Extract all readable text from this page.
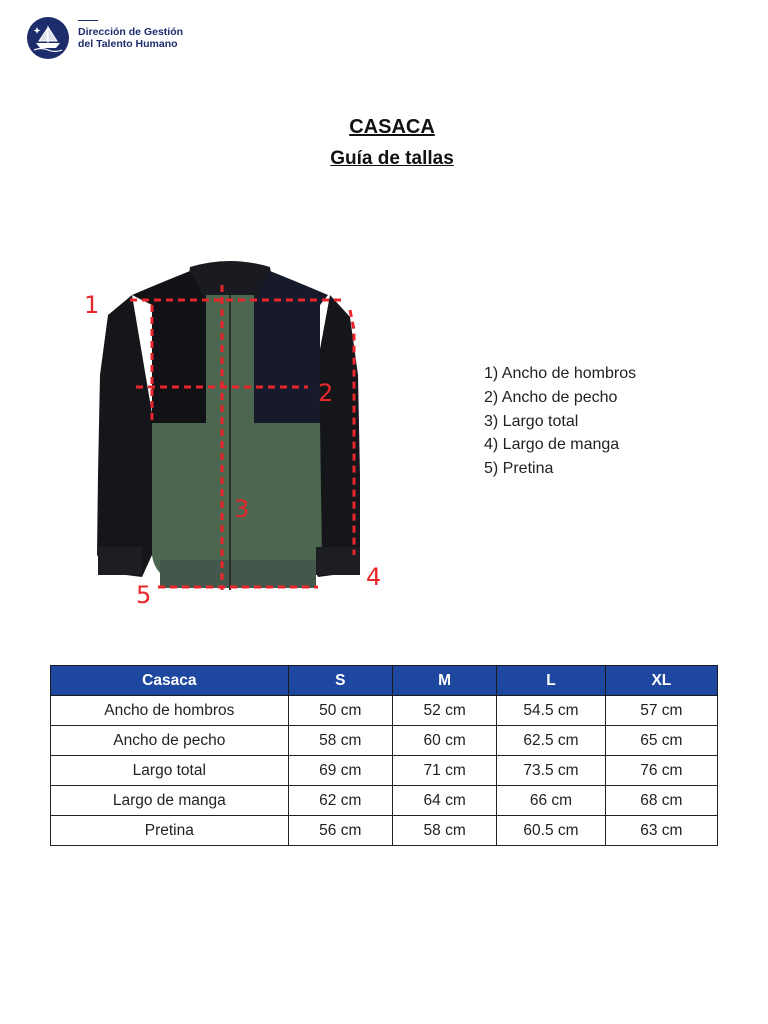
Dirección de Gestión
del Talento Humano
CASACA
Guía de tallas
1
2
3
4
5
1) Ancho de hombros
2) Ancho de pecho
3) Largo total
4) Largo de manga
5) Pretina
Casaca	S	M	L	XL
Ancho de hombros	50 cm	52 cm	54.5 cm	57 cm
Ancho de pecho	58 cm	60 cm	62.5 cm	65 cm
Largo total	69 cm	71 cm	73.5 cm	76 cm
Largo de manga	62 cm	64 cm	66 cm	68 cm
Pretina	56 cm	58 cm	60.5 cm	63 cm
